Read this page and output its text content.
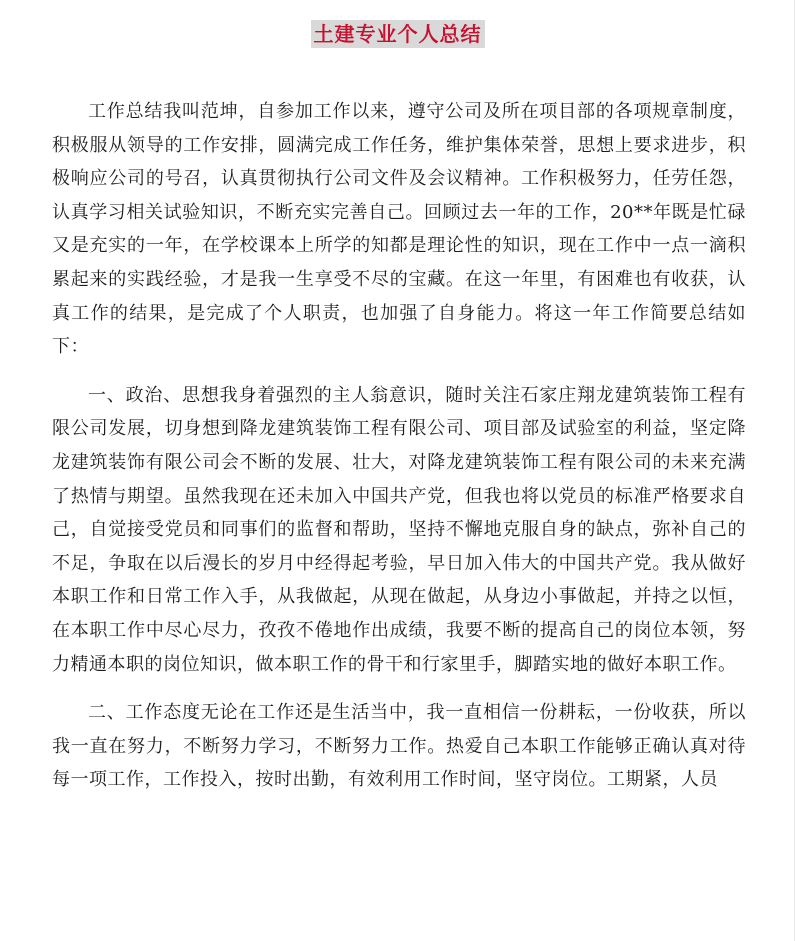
土建专业个人总结

工作总结我叫范坤，自参加工作以来，遵守公司及所在项目部的各项规章制度，积极服从领导的工作安排，圆满完成工作任务，维护集体荣誉，思想上要求进步，积极响应公司的号召，认真贯彻执行公司文件及会议精神。工作积极努力，任劳任怨，认真学习相关试验知识，不断充实完善自己。回顾过去一年的工作，20**年既是忙碌又是充实的一年，在学校课本上所学的知都是理论性的知识，现在工作中一点一滴积累起来的实践经验，才是我一生享受不尽的宝藏。在这一年里，有困难也有收获，认真工作的结果，是完成了个人职责，也加强了自身能力。将这一年工作简要总结如下：

一、政治、思想我身着强烈的主人翁意识，随时关注石家庄翔龙建筑装饰工程有限公司发展，切身想到降龙建筑装饰工程有限公司、项目部及试验室的利益，坚定降龙建筑装饰有限公司会不断的发展、壮大，对降龙建筑装饰工程有限公司的未来充满了热情与期望。虽然我现在还未加入中国共产党，但我也将以党员的标准严格要求自己，自觉接受党员和同事们的监督和帮助，坚持不懈地克服自身的缺点，弥补自己的不足，争取在以后漫长的岁月中经得起考验，早日加入伟大的中国共产党。我从做好本职工作和日常工作入手，从我做起，从现在做起，从身边小事做起，并持之以恒，在本职工作中尽心尽力，孜孜不倦地作出成绩，我要不断的提高自己的岗位本领，努力精通本职的岗位知识，做本职工作的骨干和行家里手，脚踏实地的做好本职工作。

二、工作态度无论在工作还是生活当中，我一直相信一份耕耘，一份收获，所以我一直在努力，不断努力学习，不断努力工作。热爱自己本职工作能够正确认真对待每一项工作，工作投入，按时出勤，有效利用工作时间，坚守岗位。工期紧，人员
